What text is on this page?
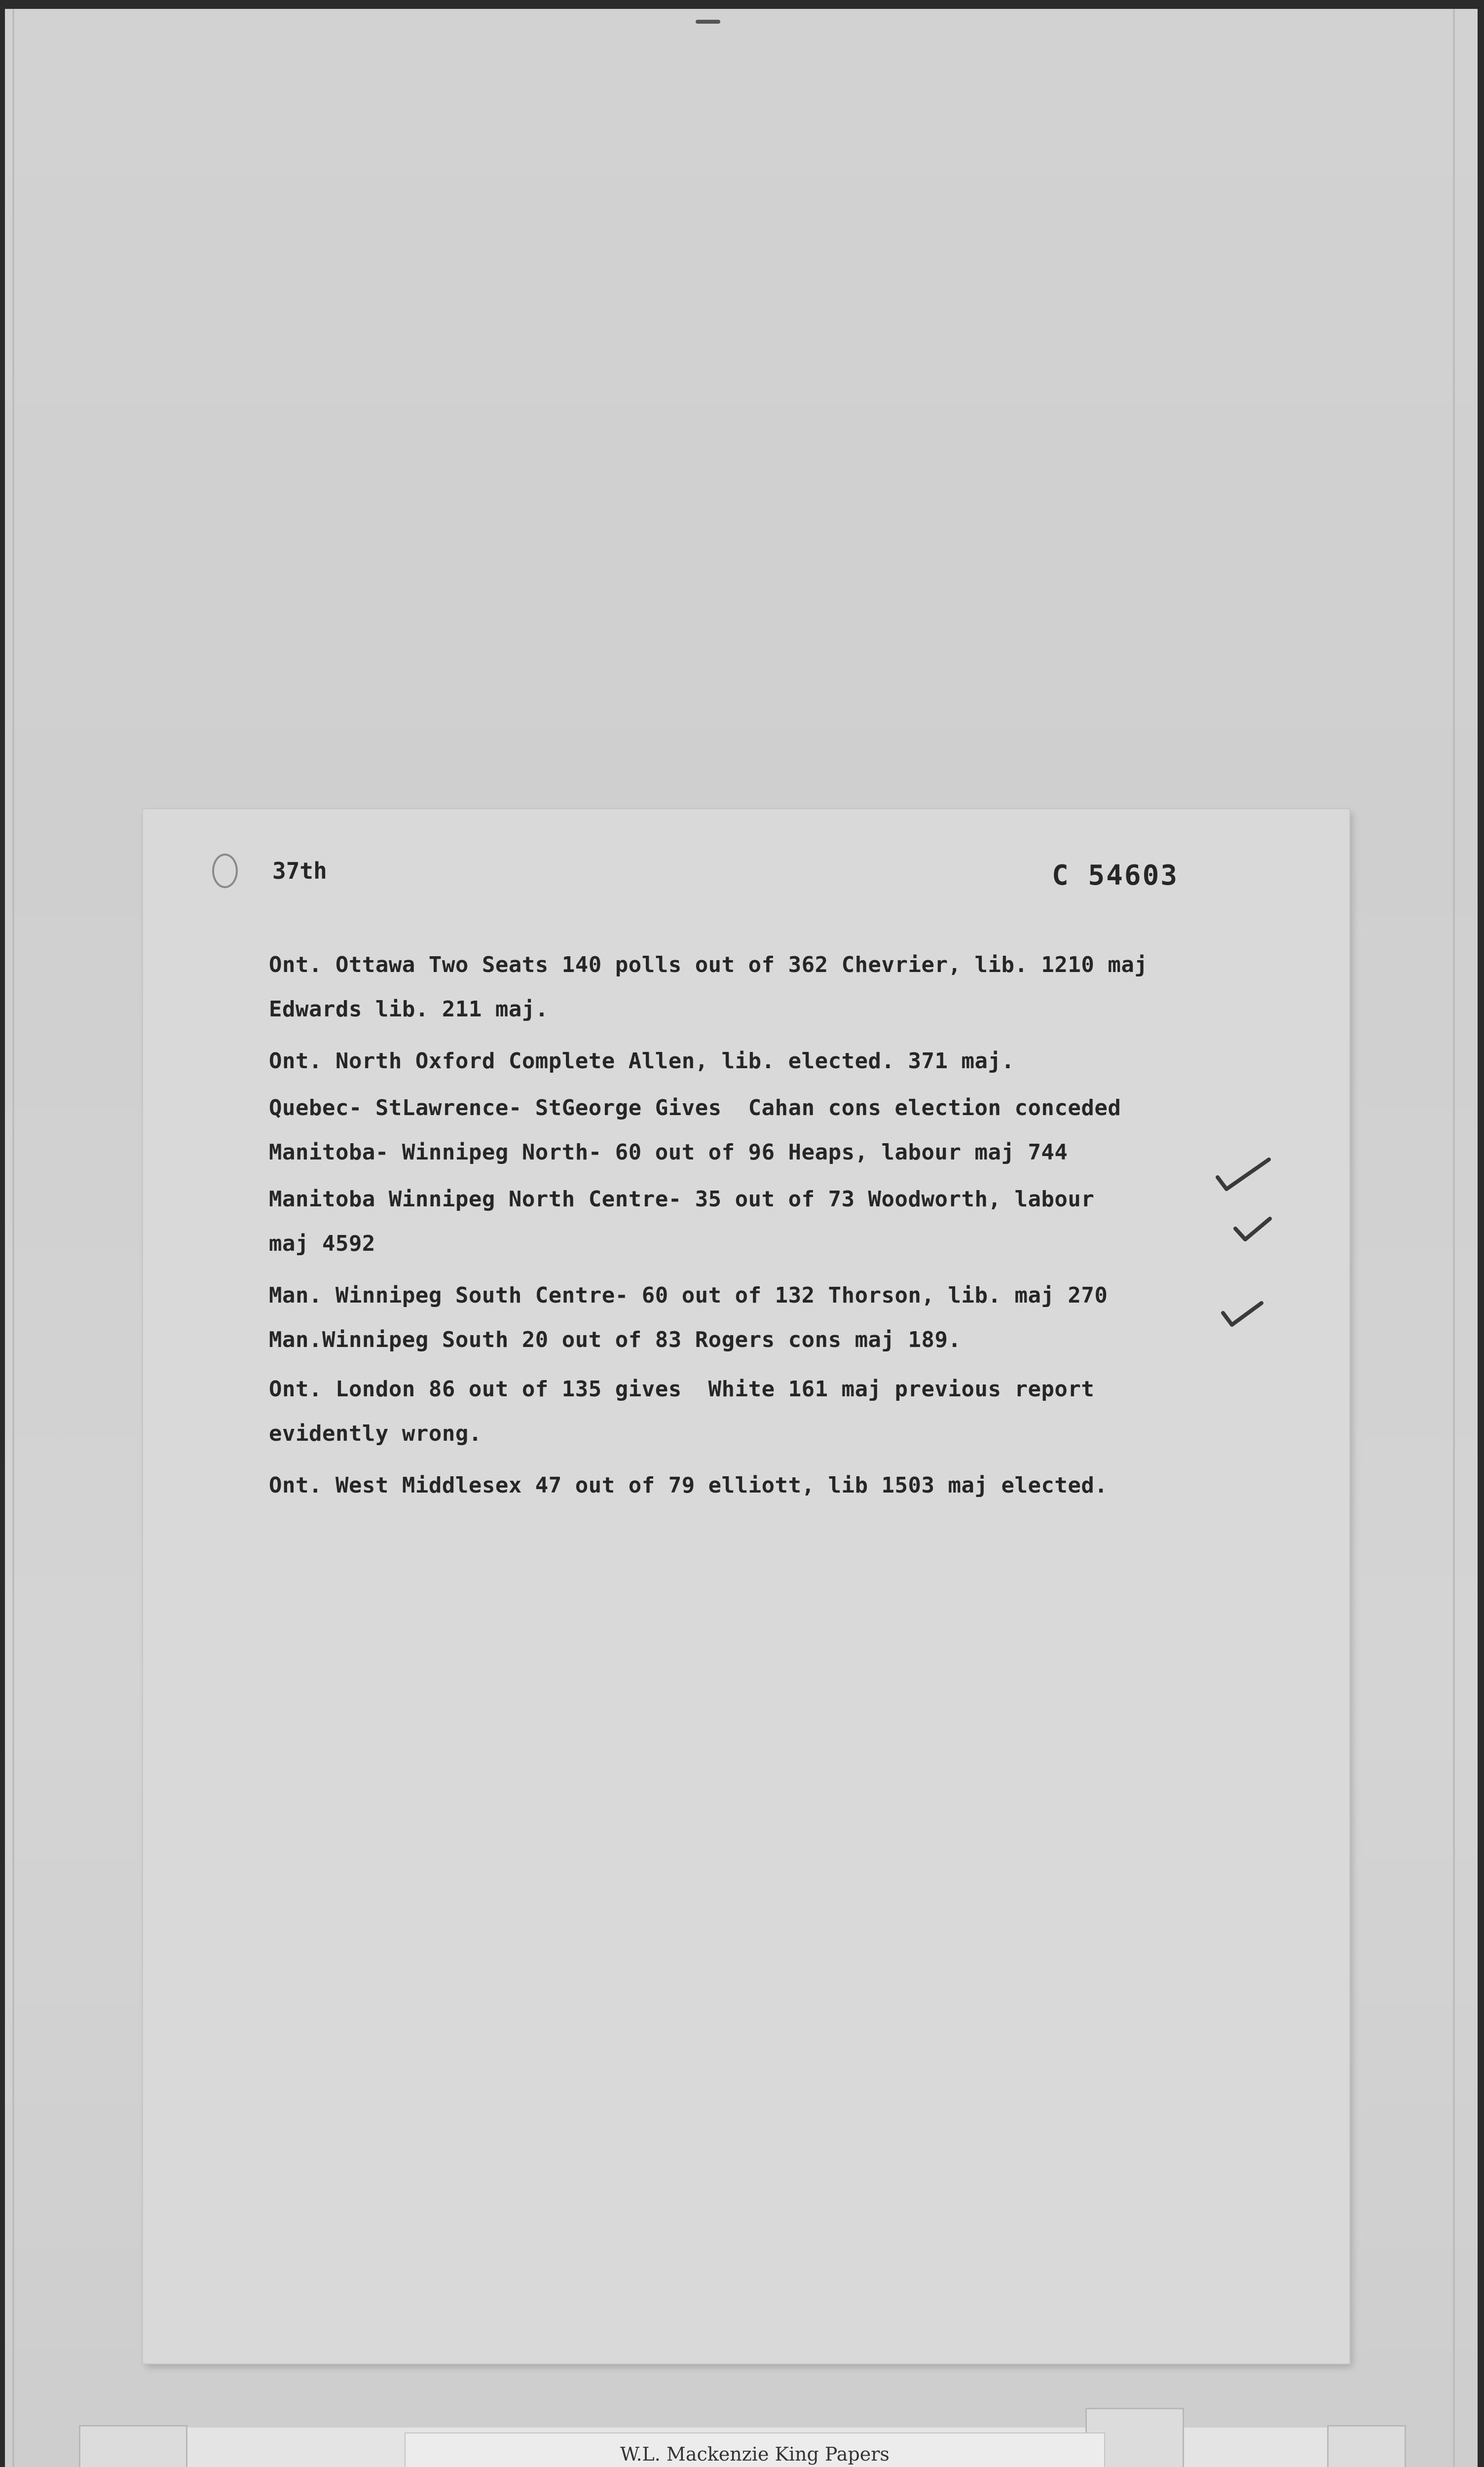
37th	C 54603
Ont. Ottawa Two Seats 140 polls out of 362 Chevrier, lib. 1210 maj
Edwards lib. 211 maj.
Ont. North Oxford Complete Allen, lib. elected. 371 maj.
Quebec- StLawrence- StGeorge Gives  Cahan cons election conceded
Manitoba- Winnipeg North- 60 out of 96 Heaps, labour maj 744
Manitoba Winnipeg North Centre- 35 out of 73 Woodworth, labour
maj 4592
Man. Winnipeg South Centre- 60 out of 132 Thorson, lib. maj 270
Man.Winnipeg South 20 out of 83 Rogers cons maj 189.
Ont. London 86 out of 135 gives  White 161 maj previous report
evidently wrong.
Ont. West Middlesex 47 out of 79 elliott, lib 1503 maj elected.
W.L. Mackenzie King Papers
